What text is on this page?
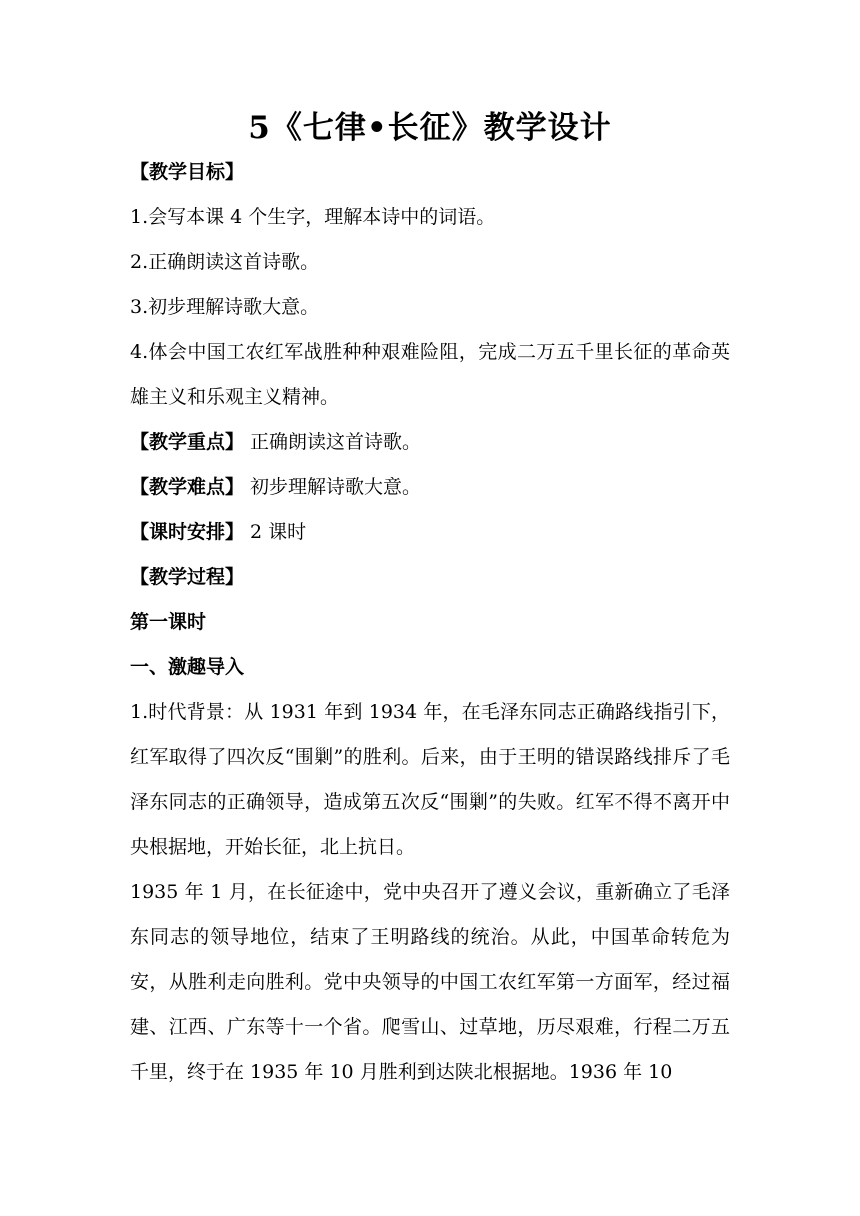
5《七律•长征》教学设计
【教学目标】
1.会写本课 4 个生字，理解本诗中的词语。
2.正确朗读这首诗歌。
3.初步理解诗歌大意。
4.体会中国工农红军战胜种种艰难险阻，完成二万五千里长征的革命英雄主义和乐观主义精神。
【教学重点】 正确朗读这首诗歌。
【教学难点】 初步理解诗歌大意。
【课时安排】 2 课时
【教学过程】
第一课时
一、激趣导入
1.时代背景：从 1931 年到 1934 年，在毛泽东同志正确路线指引下，红军取得了四次反“围剿”的胜利。后来，由于王明的错误路线排斥了毛泽东同志的正确领导，造成第五次反“围剿”的失败。红军不得不离开中央根据地，开始长征，北上抗日。
1935 年 1 月，在长征途中，党中央召开了遵义会议，重新确立了毛泽东同志的领导地位，结束了王明路线的统治。从此，中国革命转危为安，从胜利走向胜利。党中央领导的中国工农红军第一方面军，经过福建、江西、广东等十一个省。爬雪山、过草地，历尽艰难，行程二万五千里，终于在 1935 年 10 月胜利到达陕北根据地。1936 年 10
